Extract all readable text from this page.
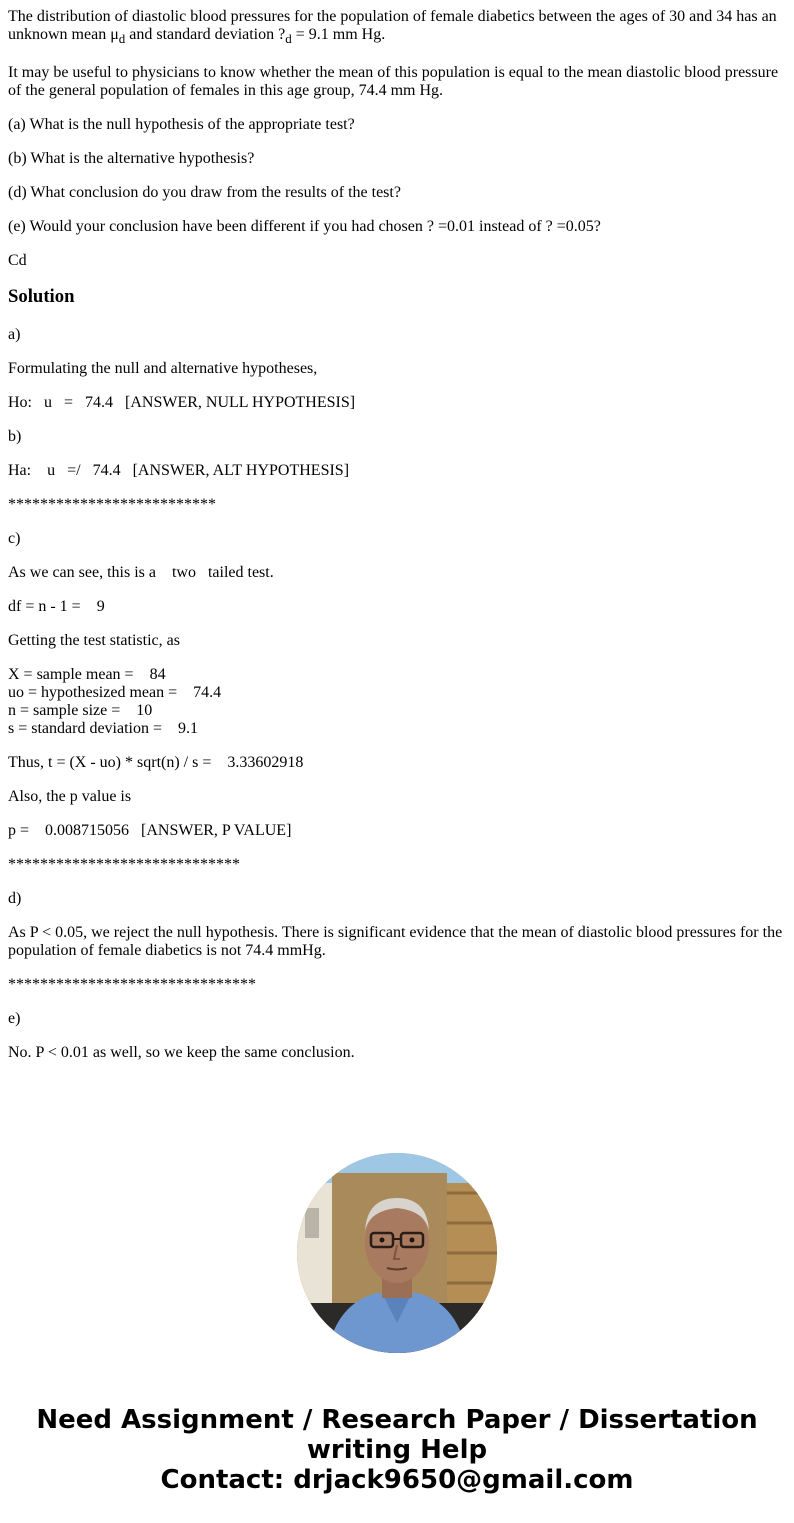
The distribution of diastolic blood pressures for the population of female diabetics between the ages of 30 and 34 has an unknown mean $\mu_d$ and standard deviation $?_d = 9.1$ mm Hg.

It may be useful to physicians to know whether the mean of this population is equal to the mean diastolic blood pressure of the general population of females in this age group, 74.4 mm Hg.

(a) What is the null hypothesis of the appropriate test?

(b) What is the alternative hypothesis?

(d) What conclusion do you draw from the results of the test?

(e) Would your conclusion have been different if you had chosen ? =0.01 instead of ? =0.05?

Cd

Solution

a)

Formulating the null and alternative hypotheses,

Ho:   u   =   74.4   [ANSWER, NULL HYPOTHESIS]

b)

Ha:    u   =/   74.4   [ANSWER, ALT HYPOTHESIS]

**************************

c)

As we can see, this is a    two   tailed test.

df = n - 1 =    9

Getting the test statistic, as

X = sample mean =    84

uo = hypothesized mean =    74.4

n = sample size =    10

s = standard deviation =    9.1

Thus, t = (X - uo) * sqrt(n) / s =    3.33602918

Also, the p value is

p =    0.008715056   [ANSWER, P VALUE]

*****************************

d)

As P < 0.05, we reject the null hypothesis. There is significant evidence that the mean of diastolic blood pressures for the population of female diabetics is not 74.4 mmHg.

*******************************

e)

No. P < 0.01 as well, so we keep the same conclusion.

Need Assignment / Research Paper / Dissertation
writing Help
Contact: drjack9650@gmail.com
